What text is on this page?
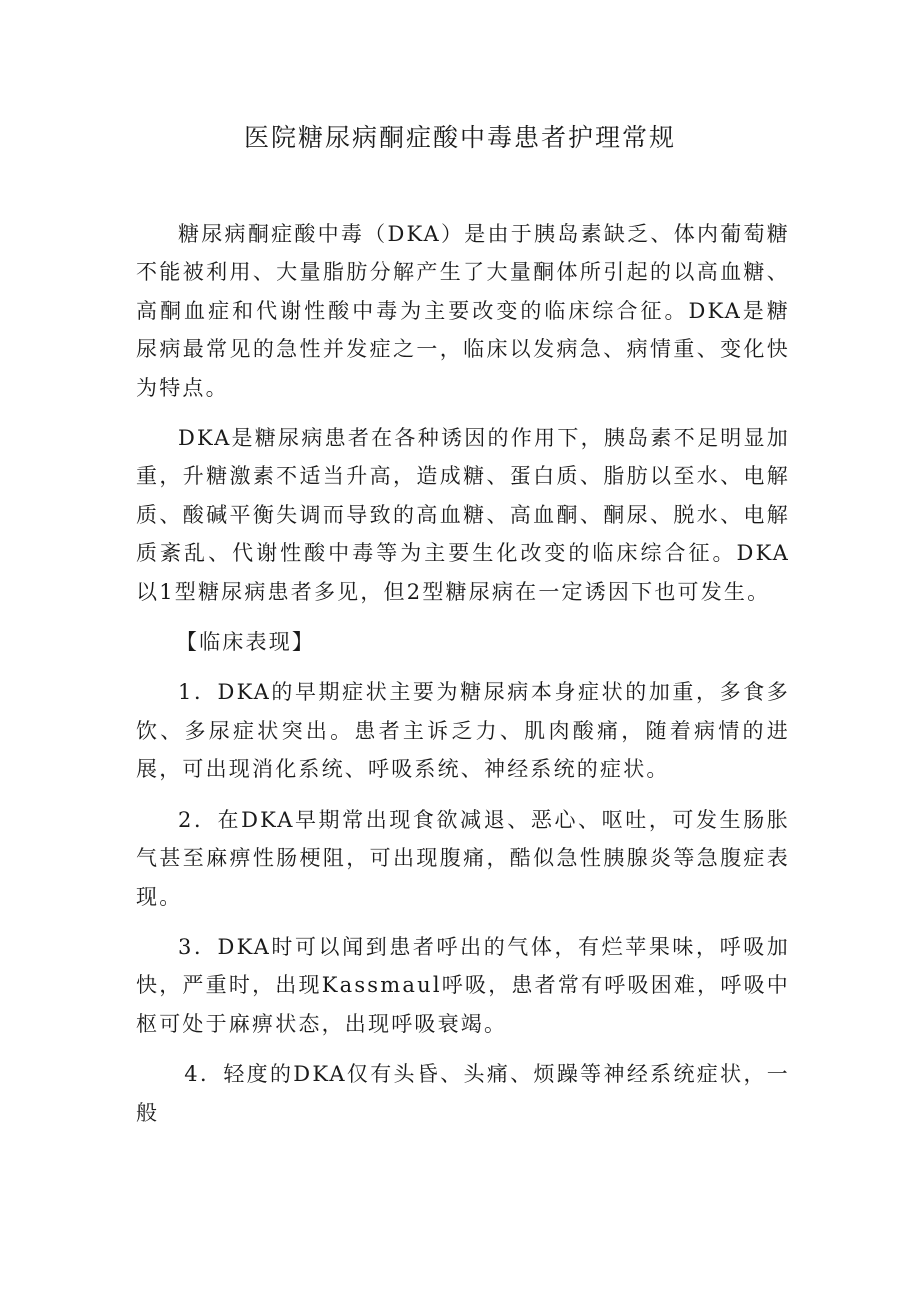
医院糖尿病酮症酸中毒患者护理常规

糖尿病酮症酸中毒（DKA）是由于胰岛素缺乏、体内葡萄糖不能被利用、大量脂肪分解产生了大量酮体所引起的以高血糖、高酮血症和代谢性酸中毒为主要改变的临床综合征。DKA是糖尿病最常见的急性并发症之一，临床以发病急、病情重、变化快为特点。

DKA是糖尿病患者在各种诱因的作用下，胰岛素不足明显加重，升糖激素不适当升高，造成糖、蛋白质、脂肪以至水、电解质、酸碱平衡失调而导致的高血糖、高血酮、酮尿、脱水、电解质紊乱、代谢性酸中毒等为主要生化改变的临床综合征。DKA以1型糖尿病患者多见，但2型糖尿病在一定诱因下也可发生。

【临床表现】

1．DKA的早期症状主要为糖尿病本身症状的加重，多食多饮、多尿症状突出。患者主诉乏力、肌肉酸痛，随着病情的进展，可出现消化系统、呼吸系统、神经系统的症状。

2．在DKA早期常出现食欲减退、恶心、呕吐，可发生肠胀气甚至麻痹性肠梗阻，可出现腹痛，酷似急性胰腺炎等急腹症表现。

3．DKA时可以闻到患者呼出的气体，有烂苹果味，呼吸加快，严重时，出现Kassmaul呼吸，患者常有呼吸困难，呼吸中枢可处于麻痹状态，出现呼吸衰竭。

4．轻度的DKA仅有头昏、头痛、烦躁等神经系统症状，一般
